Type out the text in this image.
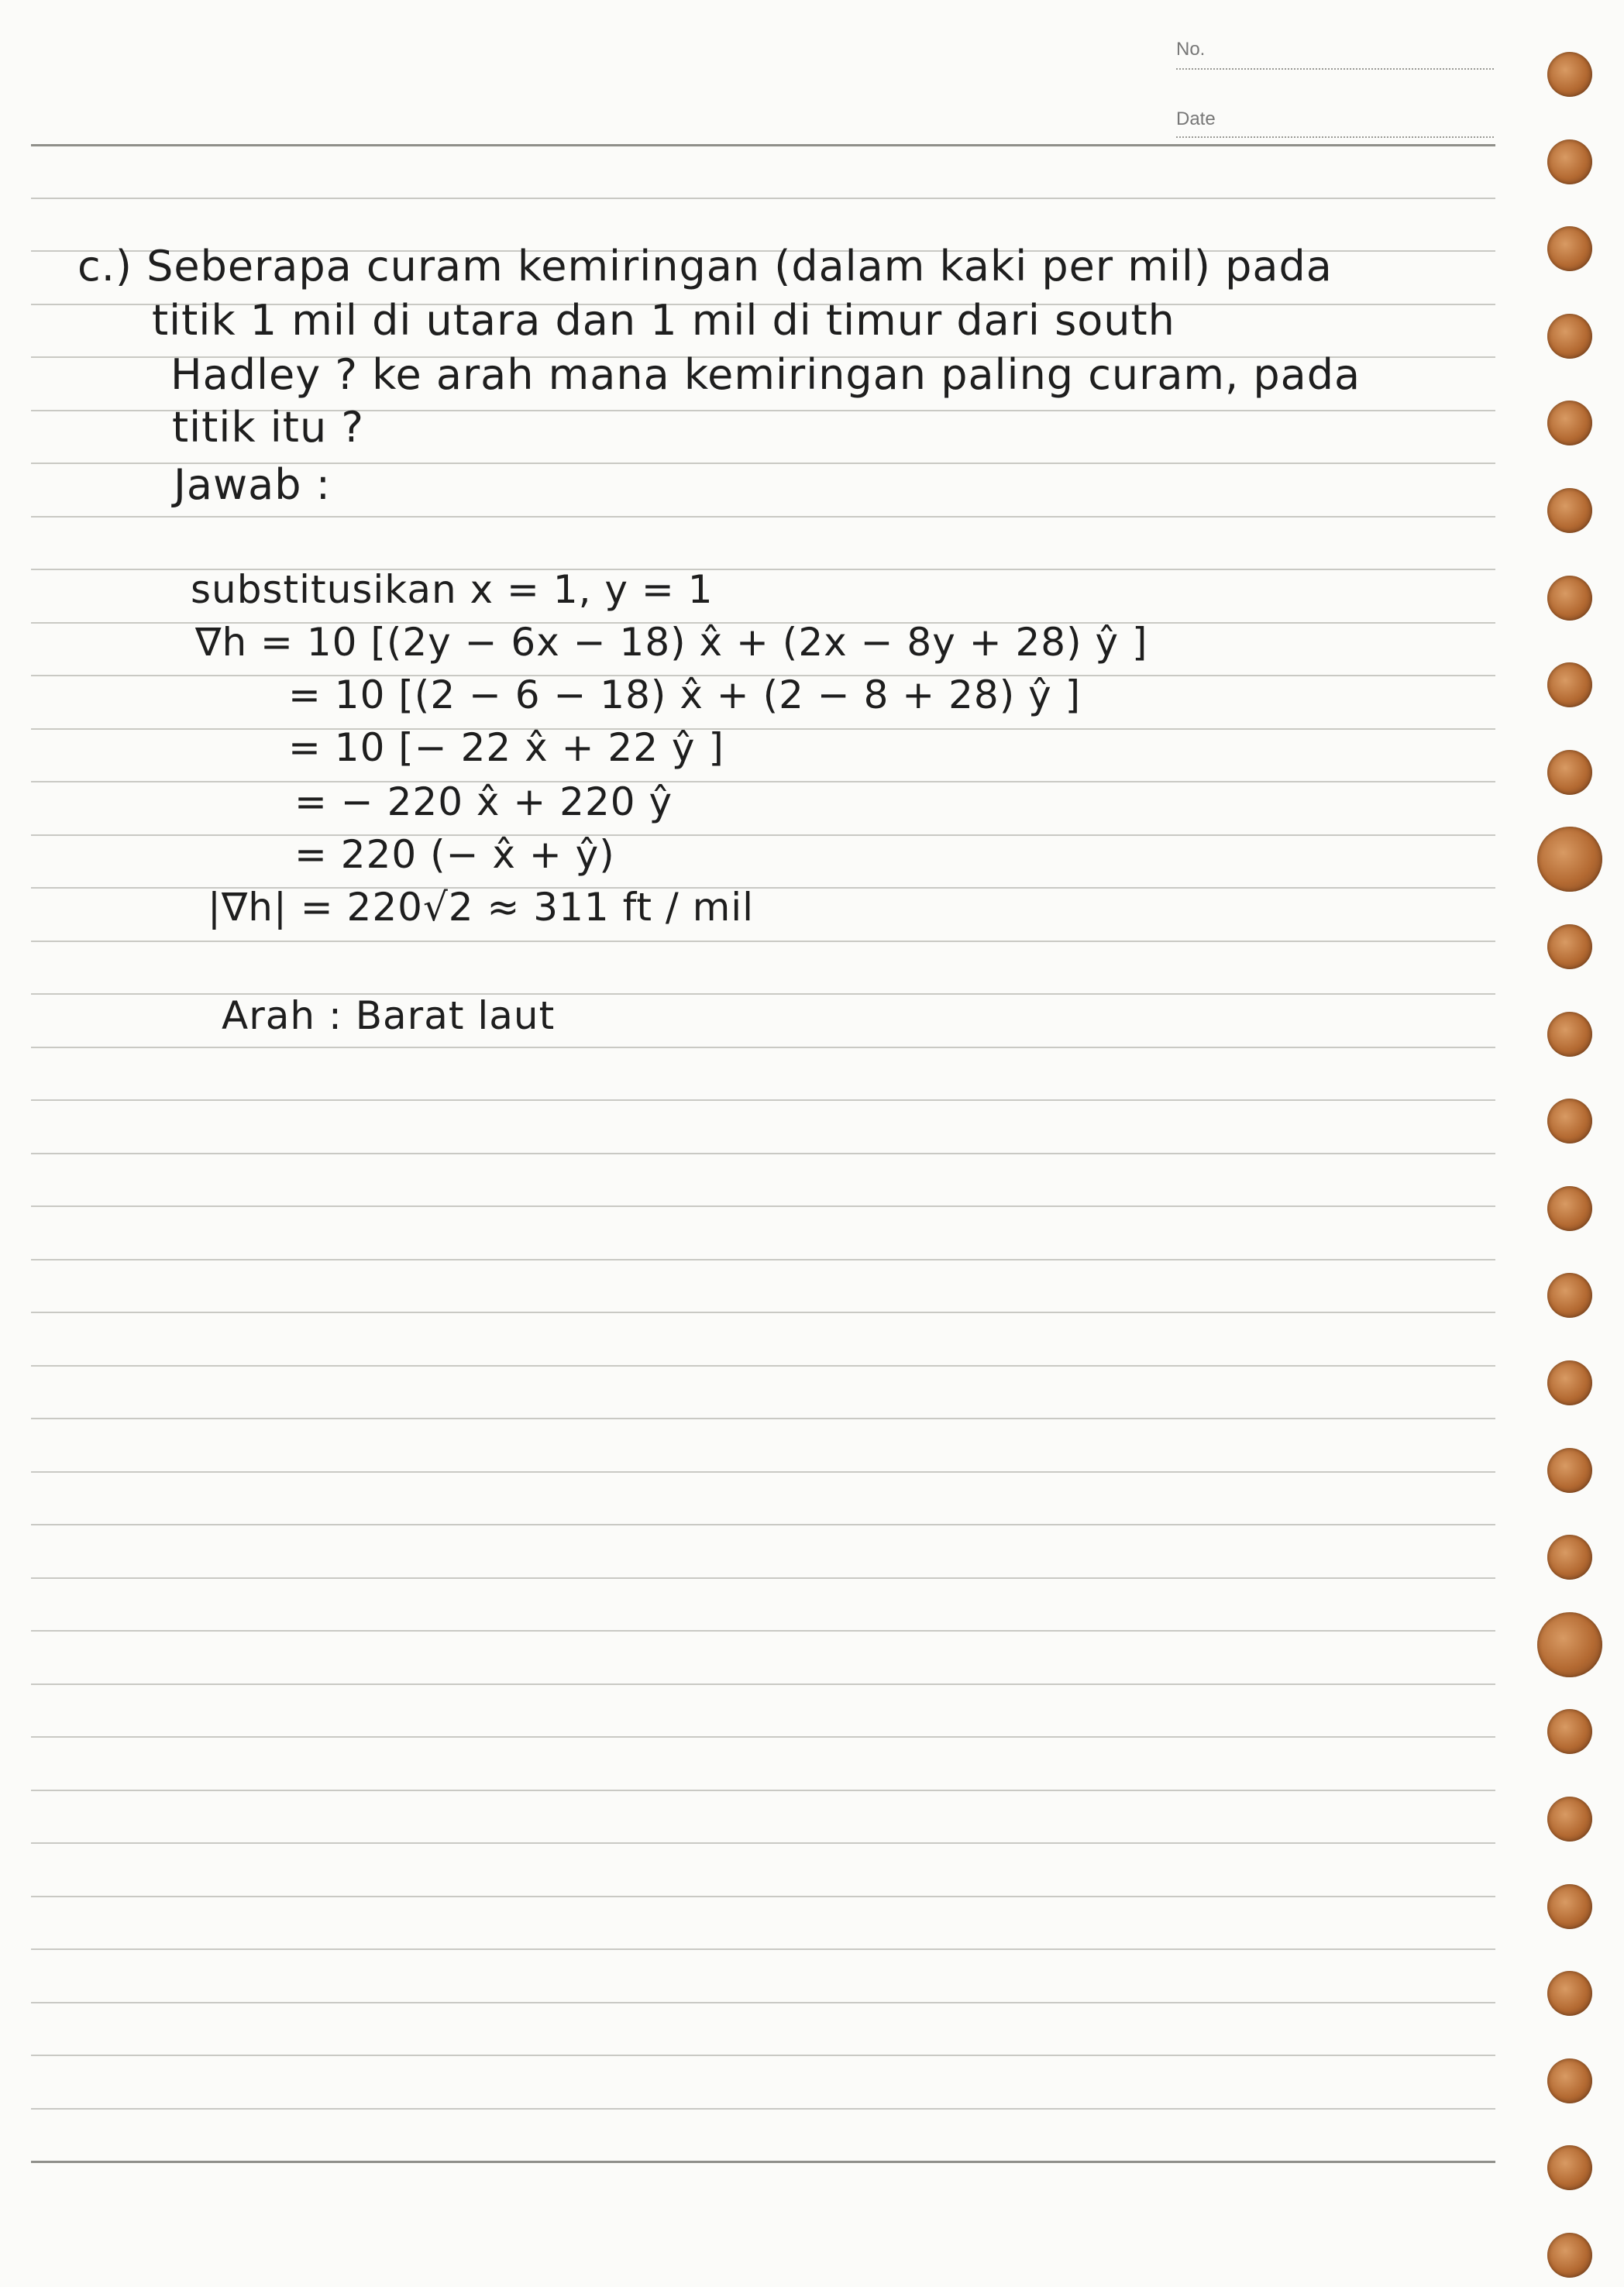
No.
Date
c.) Seberapa curam kemiringan (dalam kaki per mil) pada
titik 1 mil di utara dan 1 mil di timur dari south
Hadley ? ke arah mana kemiringan paling curam, pada
titik itu ?
Jawab :
substitusikan x = 1, y = 1
∇h = 10 [(2y − 6x − 18) x̂ + (2x − 8y + 28) ŷ ]
= 10 [(2 − 6 − 18) x̂ + (2 − 8 + 28) ŷ ]
= 10 [− 22 x̂ + 22 ŷ ]
= − 220 x̂ + 220 ŷ
= 220 (− x̂ + ŷ)
|∇h| = 220√2 ≈ 311 ft / mil
Arah : Barat laut
